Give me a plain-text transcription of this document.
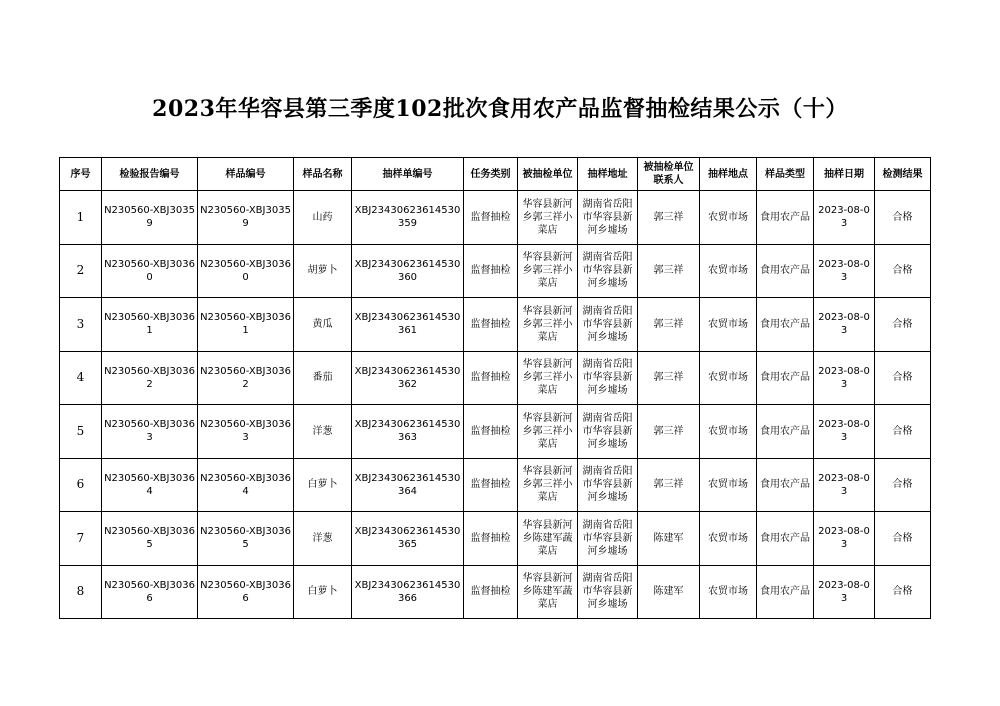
2023年华容县第三季度102批次食用农产品监督抽检结果公示（十）
序号	检验报告编号	样品编号	样品名称	抽样单编号	任务类别	被抽检单位	抽样地址	被抽检单位联系人	抽样地点	样品类型	抽样日期	检测结果
1	N230560-XBJ30359	N230560-XBJ30359	山药	XBJ23430623614530359	监督抽检	华容县新河乡郭三祥小菜店	湖南省岳阳市华容县新河乡墟场	郭三祥	农贸市场	食用农产品	2023-08-03	合格
2	N230560-XBJ30360	N230560-XBJ30360	胡萝卜	XBJ23430623614530360	监督抽检	华容县新河乡郭三祥小菜店	湖南省岳阳市华容县新河乡墟场	郭三祥	农贸市场	食用农产品	2023-08-03	合格
3	N230560-XBJ30361	N230560-XBJ30361	黄瓜	XBJ23430623614530361	监督抽检	华容县新河乡郭三祥小菜店	湖南省岳阳市华容县新河乡墟场	郭三祥	农贸市场	食用农产品	2023-08-03	合格
4	N230560-XBJ30362	N230560-XBJ30362	番茄	XBJ23430623614530362	监督抽检	华容县新河乡郭三祥小菜店	湖南省岳阳市华容县新河乡墟场	郭三祥	农贸市场	食用农产品	2023-08-03	合格
5	N230560-XBJ30363	N230560-XBJ30363	洋葱	XBJ23430623614530363	监督抽检	华容县新河乡郭三祥小菜店	湖南省岳阳市华容县新河乡墟场	郭三祥	农贸市场	食用农产品	2023-08-03	合格
6	N230560-XBJ30364	N230560-XBJ30364	白萝卜	XBJ23430623614530364	监督抽检	华容县新河乡郭三祥小菜店	湖南省岳阳市华容县新河乡墟场	郭三祥	农贸市场	食用农产品	2023-08-03	合格
7	N230560-XBJ30365	N230560-XBJ30365	洋葱	XBJ23430623614530365	监督抽检	华容县新河乡陈建军蔬菜店	湖南省岳阳市华容县新河乡墟场	陈建军	农贸市场	食用农产品	2023-08-03	合格
8	N230560-XBJ30366	N230560-XBJ30366	白萝卜	XBJ23430623614530366	监督抽检	华容县新河乡陈建军蔬菜店	湖南省岳阳市华容县新河乡墟场	陈建军	农贸市场	食用农产品	2023-08-03	合格
